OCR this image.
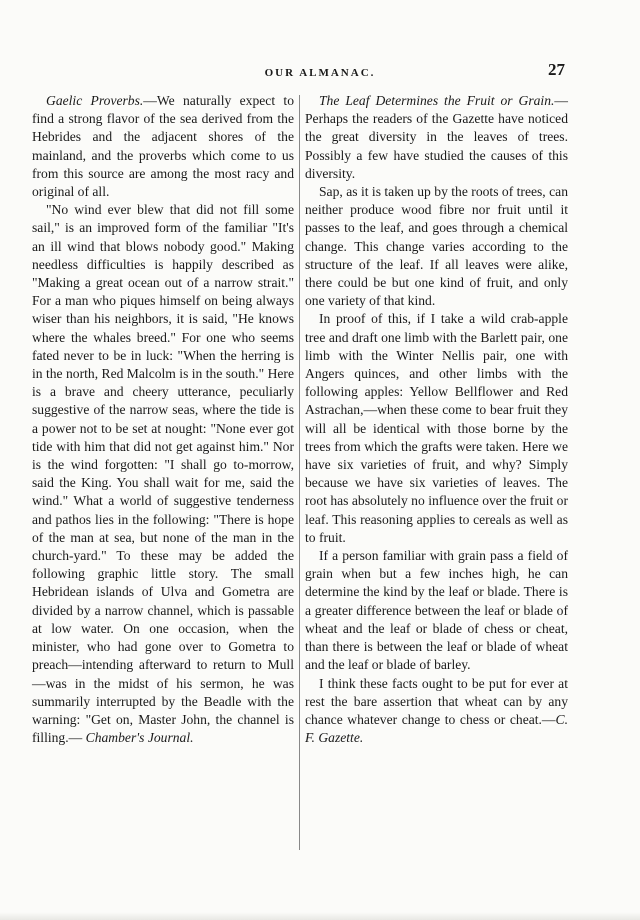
OUR ALMANAC.	27

Gaelic Proverbs.—We naturally expect to find a strong flavor of the sea derived from the Hebrides and the adjacent shores of the mainland, and the proverbs which come to us from this source are among the most racy and original of all.

"No wind ever blew that did not fill some sail," is an improved form of the familiar "It's an ill wind that blows nobody good." Making needless difficulties is happily described as "Making a great ocean out of a narrow strait." For a man who piques himself on being always wiser than his neighbors, it is said, "He knows where the whales breed." For one who seems fated never to be in luck: "When the herring is in the north, Red Malcolm is in the south." Here is a brave and cheery utterance, peculiarly suggestive of the narrow seas, where the tide is a power not to be set at nought: "None ever got tide with him that did not get against him." Nor is the wind forgotten: "I shall go to-morrow, said the King. You shall wait for me, said the wind." What a world of suggestive tenderness and pathos lies in the following: "There is hope of the man at sea, but none of the man in the church-yard." To these may be added the following graphic little story. The small Hebridean islands of Ulva and Gometra are divided by a narrow channel, which is passable at low water. On one occasion, when the minister, who had gone over to Gometra to preach—intending afterward to return to Mull—was in the midst of his sermon, he was summarily interrupted by the Beadle with the warning: "Get on, Master John, the channel is filling.— Chamber's Journal.

The Leaf Determines the Fruit or Grain.—Perhaps the readers of the Gazette have noticed the great diversity in the leaves of trees. Possibly a few have studied the causes of this diversity.

Sap, as it is taken up by the roots of trees, can neither produce wood fibre nor fruit until it passes to the leaf, and goes through a chemical change. This change varies according to the structure of the leaf. If all leaves were alike, there could be but one kind of fruit, and only one variety of that kind.

In proof of this, if I take a wild crab-apple tree and draft one limb with the Barlett pair, one limb with the Winter Nellis pair, one with Angers quinces, and other limbs with the following apples: Yellow Bellflower and Red Astrachan,—when these come to bear fruit they will all be identical with those borne by the trees from which the grafts were taken. Here we have six varieties of fruit, and why? Simply because we have six varieties of leaves. The root has absolutely no influence over the fruit or leaf. This reasoning applies to cereals as well as to fruit.

If a person familiar with grain pass a field of grain when but a few inches high, he can determine the kind by the leaf or blade. There is a greater difference between the leaf or blade of wheat and the leaf or blade of chess or cheat, than there is between the leaf or blade of wheat and the leaf or blade of barley.

I think these facts ought to be put for ever at rest the bare assertion that wheat can by any chance whatever change to chess or cheat.—C. F. Gazette.
